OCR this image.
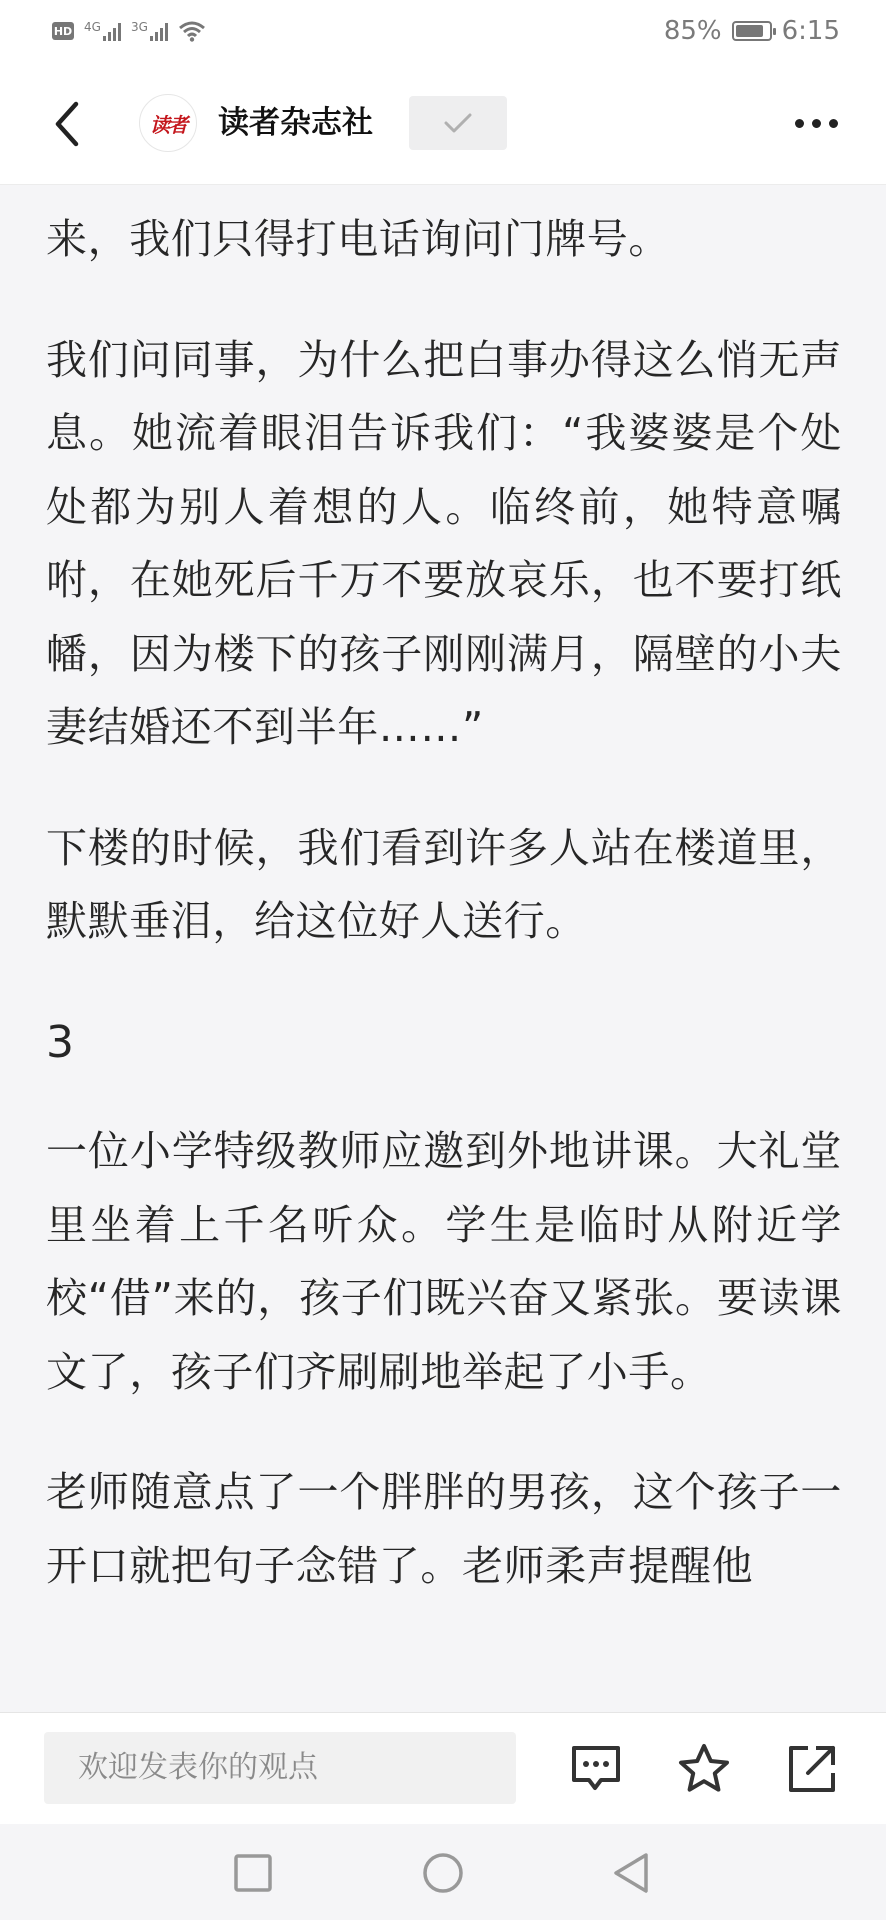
HD 4G	3G	85% 6:15
读者 读者杂志社

来，我们只得打电话询问门牌号。

我们问同事，为什么把白事办得这么悄无声息。她流着眼泪告诉我们：“我婆婆是个处处都为别人着想的人。临终前，她特意嘱咐，在她死后千万不要放哀乐，也不要打纸幡，因为楼下的孩子刚刚满月，隔壁的小夫妻结婚还不到半年……”

下楼的时候，我们看到许多人站在楼道里，默默垂泪，给这位好人送行。

3

一位小学特级教师应邀到外地讲课。大礼堂里坐着上千名听众。学生是临时从附近学校“借”来的，孩子们既兴奋又紧张。要读课文了，孩子们齐刷刷地举起了小手。

老师随意点了一个胖胖的男孩，这个孩子一开口就把句子念错了。老师柔声提醒他

欢迎发表你的观点
